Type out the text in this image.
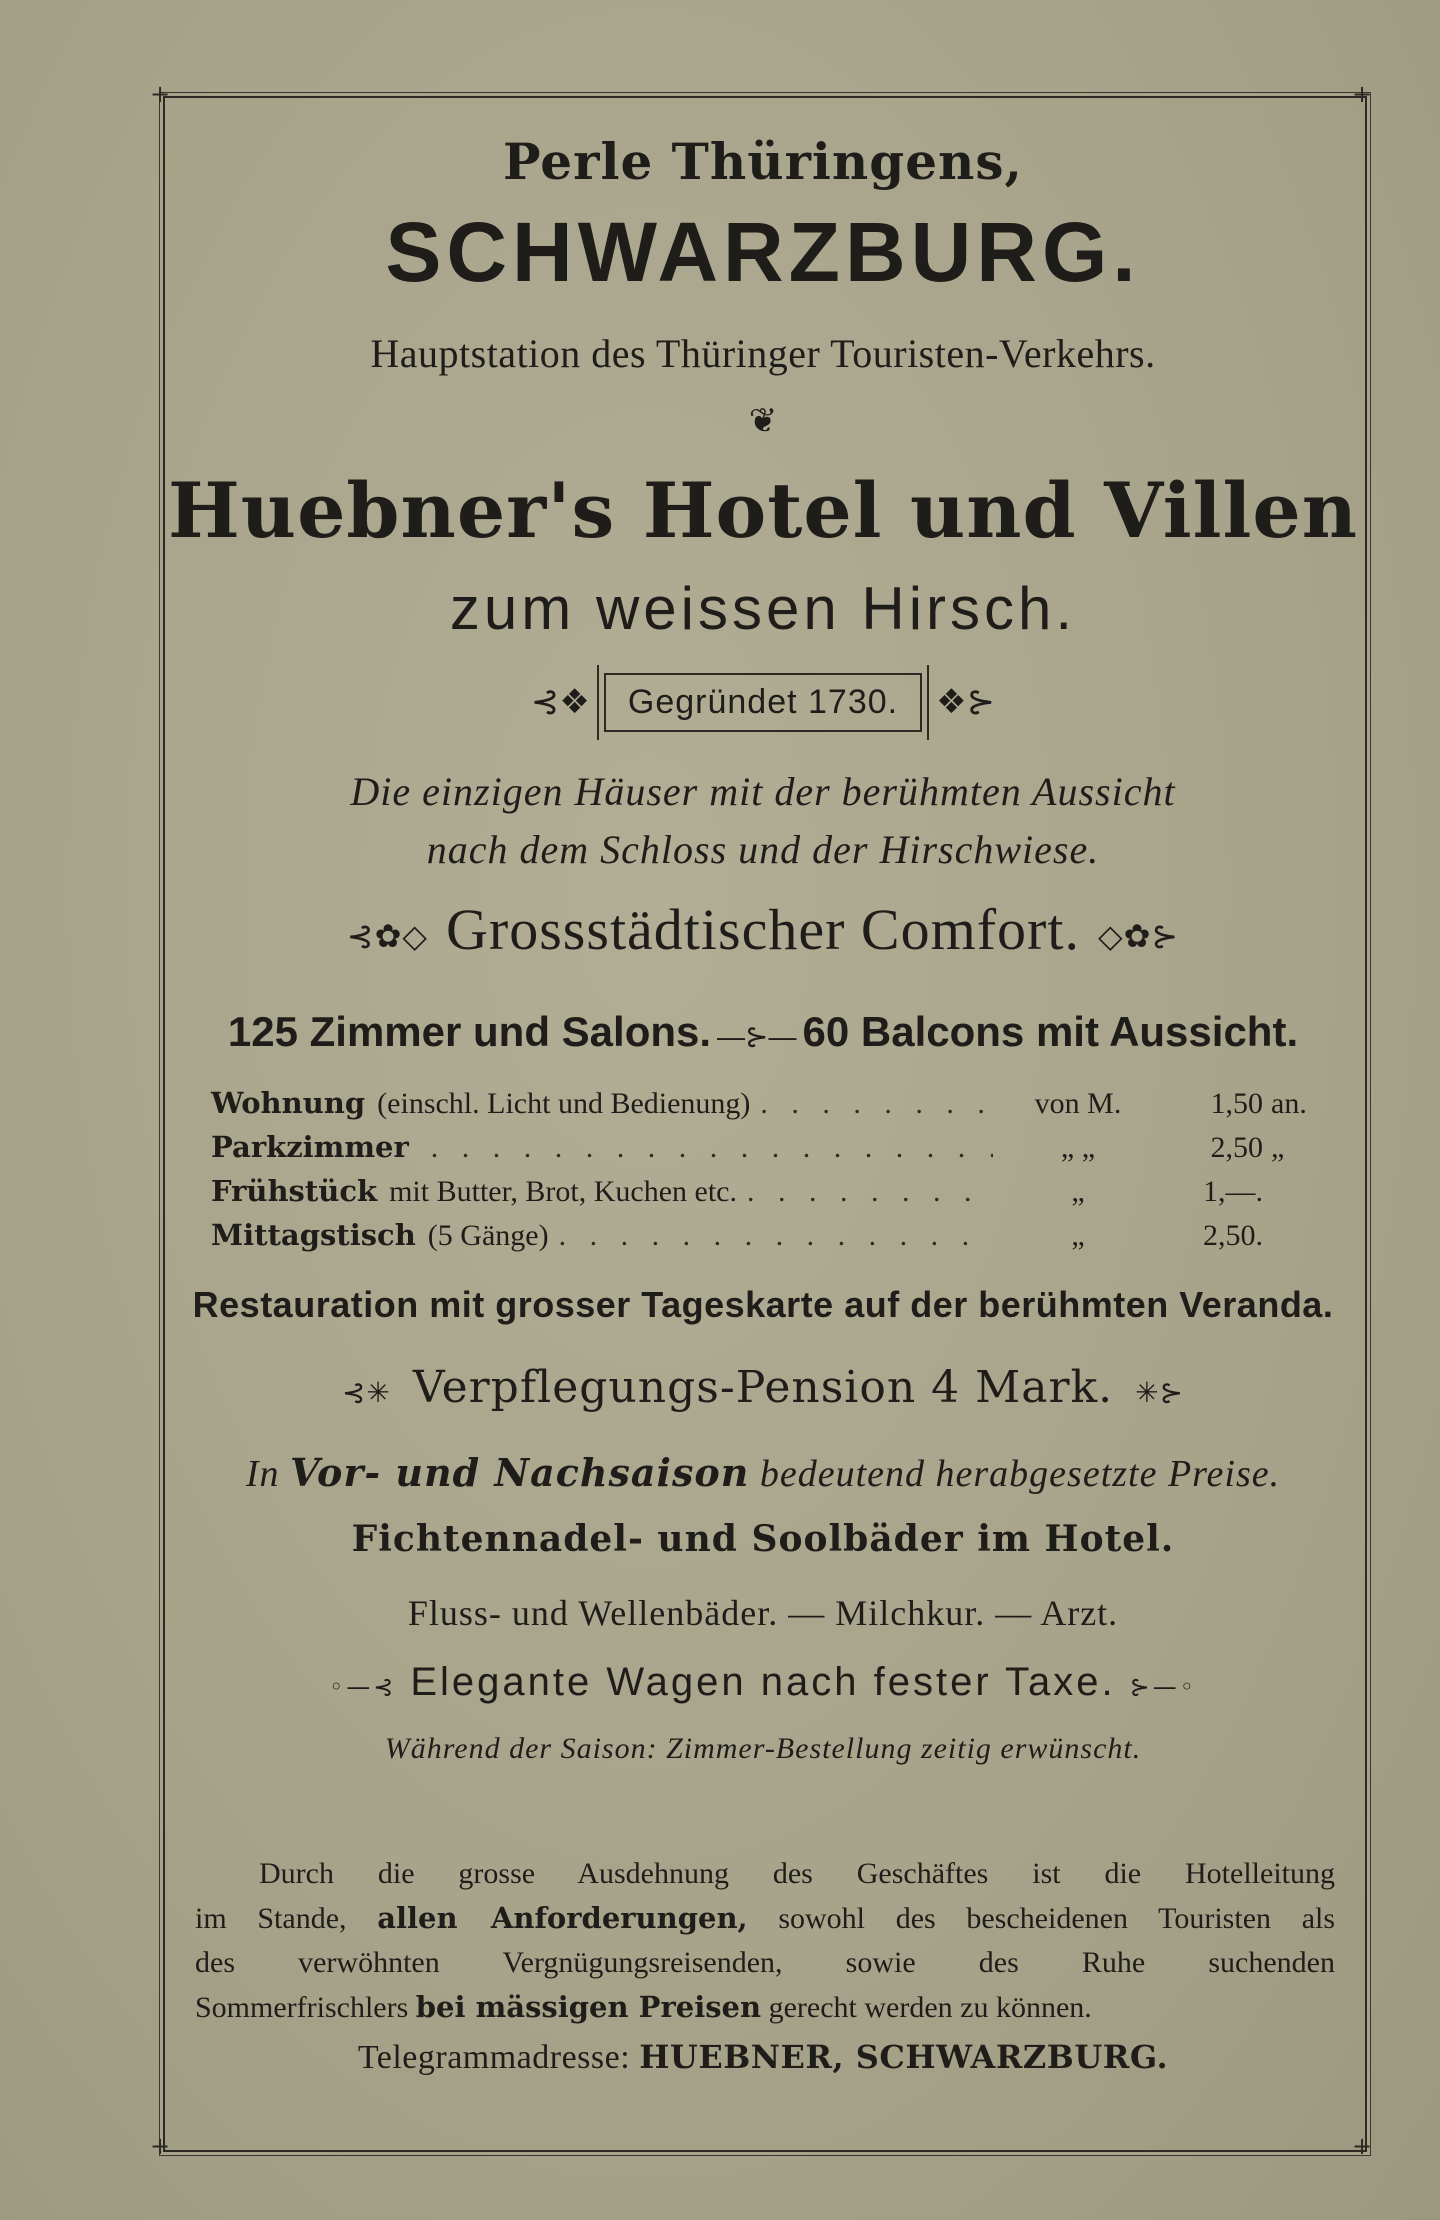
+	+
+	+
Perle Thüringens,
SCHWARZBURG.
Hauptstation des Thüringer Touristen-Verkehrs.
❦
Huebner's Hotel und Villen
zum weissen Hirsch.
⊰❖	Gegründet 1730.	❖⊱
Die einzigen Häuser mit der berühmten Aussicht
nach dem Schloss und der Hirschwiese.
⊰✿◇ Grossstädtischer Comfort. ◇✿⊱
125 Zimmer und Salons. —⊱— 60 Balcons mit Aussicht.
Wohnung (einschl. Licht und Bedienung) . . .	von M.	1,50 an.
Parkzimmer . . .	„ „	2,50 „
Frühstück mit Butter, Brot, Kuchen etc. . . .	„	1,—.
Mittagstisch (5 Gänge) . . .	„	2,50.
Restauration mit grosser Tageskarte auf der berühmten Veranda.
⊰✳ Verpflegungs-Pension 4 Mark. ✳⊱
In Vor- und Nachsaison bedeutend herabgesetzte Preise.
Fichtennadel- und Soolbäder im Hotel.
Fluss- und Wellenbäder. — Milchkur. — Arzt.
◦—⊰ Elegante Wagen nach fester Taxe. ⊱—◦
Während der Saison: Zimmer-Bestellung zeitig erwünscht.
Durch die grosse Ausdehnung des Geschäftes ist die Hotelleitung
im Stande, allen Anforderungen, sowohl des bescheidenen Touristen als
des verwöhnten Vergnügungsreisenden, sowie des Ruhe suchenden
Sommerfrischlers bei mässigen Preisen gerecht werden zu können.
Telegrammadresse: HUEBNER, SCHWARZBURG.
